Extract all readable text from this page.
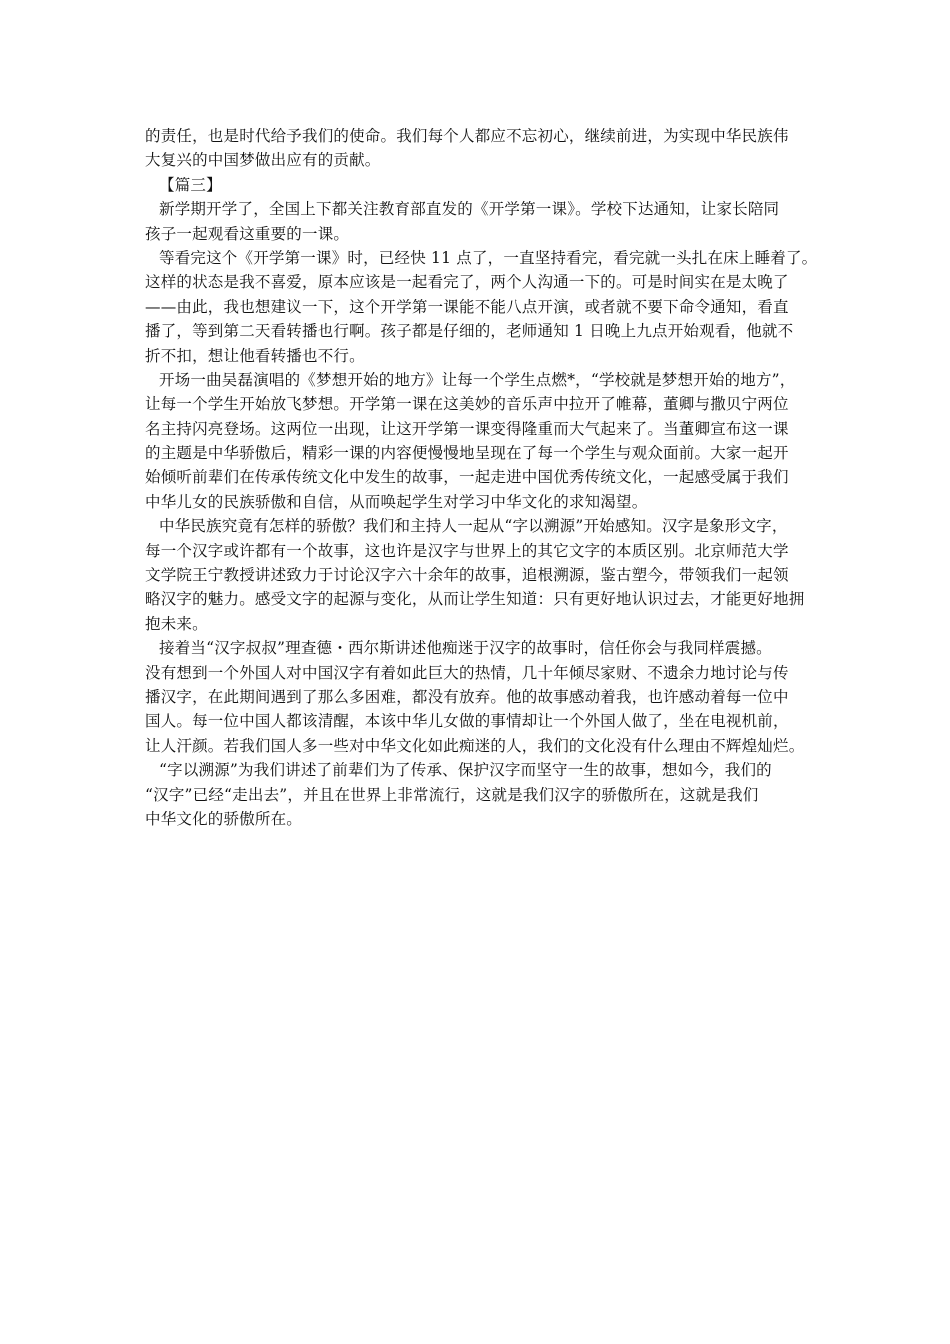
的责任，也是时代给予我们的使命。我们每个人都应不忘初心，继续前进，为实现中华民族伟
大复兴的中国梦做出应有的贡献。
【篇三】
新学期开学了，全国上下都关注教育部直发的《开学第一课》。学校下达通知，让家长陪同
孩子一起观看这重要的一课。
等看完这个《开学第一课》时，已经快 11 点了，一直坚持看完，看完就一头扎在床上睡着了。
这样的状态是我不喜爱，原本应该是一起看完了，两个人沟通一下的。可是时间实在是太晚了
——由此，我也想建议一下，这个开学第一课能不能八点开演，或者就不要下命令通知，看直
播了，等到第二天看转播也行啊。孩子都是仔细的，老师通知 1 日晚上九点开始观看，他就不
折不扣，想让他看转播也不行。
开场一曲吴磊演唱的《梦想开始的地方》让每一个学生点燃*，“学校就是梦想开始的地方”，
让每一个学生开始放飞梦想。开学第一课在这美妙的音乐声中拉开了帷幕，董卿与撒贝宁两位
名主持闪亮登场。这两位一出现，让这开学第一课变得隆重而大气起来了。当董卿宣布这一课
的主题是中华骄傲后，精彩一课的内容便慢慢地呈现在了每一个学生与观众面前。大家一起开
始倾听前辈们在传承传统文化中发生的故事，一起走进中国优秀传统文化，一起感受属于我们
中华儿女的民族骄傲和自信，从而唤起学生对学习中华文化的求知渴望。
中华民族究竟有怎样的骄傲？我们和主持人一起从“字以溯源”开始感知。汉字是象形文字，
每一个汉字或许都有一个故事，这也许是汉字与世界上的其它文字的本质区别。北京师范大学
文学院王宁教授讲述致力于讨论汉字六十余年的故事，追根溯源，鉴古塑今，带领我们一起领
略汉字的魅力。感受文字的起源与变化，从而让学生知道：只有更好地认识过去，才能更好地拥
抱未来。
接着当“汉字叔叔”理查德・西尔斯讲述他痴迷于汉字的故事时，信任你会与我同样震撼。
没有想到一个外国人对中国汉字有着如此巨大的热情，几十年倾尽家财、不遗余力地讨论与传
播汉字，在此期间遇到了那么多困难，都没有放弃。他的故事感动着我，也许感动着每一位中
国人。每一位中国人都该清醒，本该中华儿女做的事情却让一个外国人做了，坐在电视机前，
让人汗颜。若我们国人多一些对中华文化如此痴迷的人，我们的文化没有什么理由不辉煌灿烂。
“字以溯源”为我们讲述了前辈们为了传承、保护汉字而坚守一生的故事，想如今，我们的
“汉字”已经“走出去”，并且在世界上非常流行，这就是我们汉字的骄傲所在，这就是我们
中华文化的骄傲所在。
